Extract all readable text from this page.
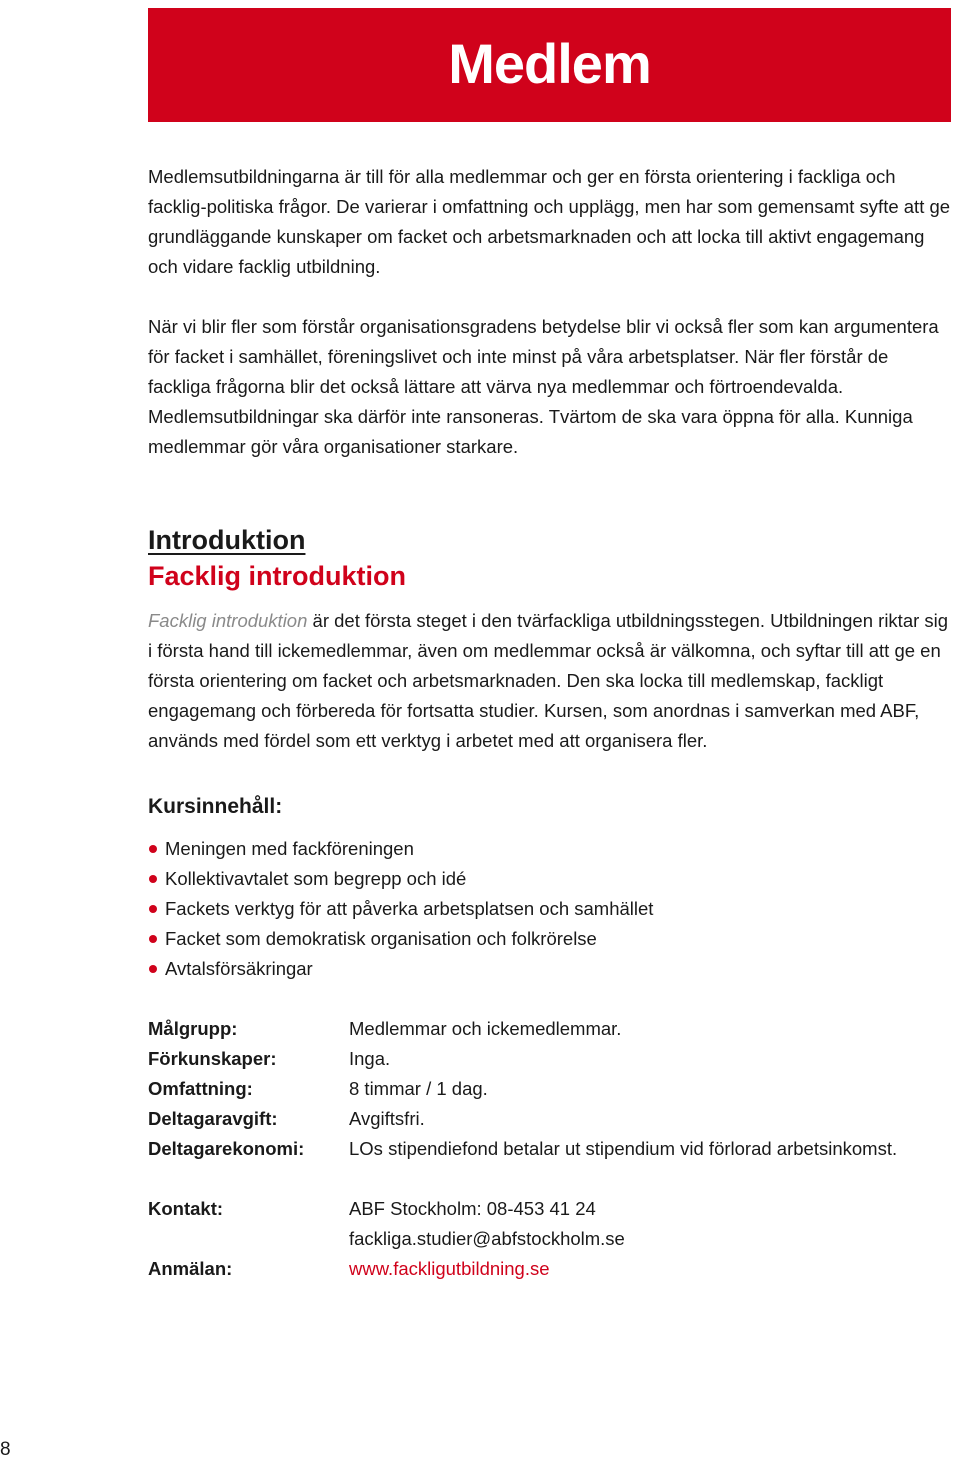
Medlem

Medlemsutbildningarna är till för alla medlemmar och ger en första orientering i fackliga och facklig-politiska frågor. De varierar i omfattning och upplägg, men har som gemensamt syfte att ge grundläggande kunskaper om facket och arbetsmarknaden och att locka till aktivt engagemang och vidare facklig utbildning.

När vi blir fler som förstår organisationsgradens betydelse blir vi också fler som kan argumentera för facket i samhället, föreningslivet och inte minst på våra arbetsplatser. När fler förstår de fackliga frågorna blir det också lättare att värva nya medlemmar och förtroendevalda. Medlemsutbildningar ska därför inte ransoneras. Tvärtom de ska vara öppna för alla. Kunniga medlemmar gör våra organisationer starkare.

Introduktion
Facklig introduktion

Facklig introduktion är det första steget i den tvärfackliga utbildningsstegen. Utbildningen riktar sig i första hand till ickemedlemmar, även om medlemmar också är välkomna, och syftar till att ge en första orientering om facket och arbetsmarknaden. Den ska locka till medlemskap, fackligt engagemang och förbereda för fortsatta studier. Kursen, som anordnas i samverkan med ABF, används med fördel som ett verktyg i arbetet med att organisera fler.

Kursinnehåll:
Meningen med fackföreningen
Kollektivavtalet som begrepp och idé
Fackets verktyg för att påverka arbetsplatsen och samhället
Facket som demokratisk organisation och folkrörelse
Avtalsförsäkringar
Målgrupp:	Medlemmar och ickemedlemmar.
Förkunskaper:	Inga.
Omfattning:	8 timmar / 1 dag.
Deltagaravgift:	Avgiftsfri.
Deltagarekonomi:	LOs stipendiefond betalar ut stipendium vid förlorad arbetsinkomst.

Kontakt:	ABF Stockholm: 08-453 41 24
	fackliga.studier@abfstockholm.se
Anmälan:	www.fackligutbildning.se
8
